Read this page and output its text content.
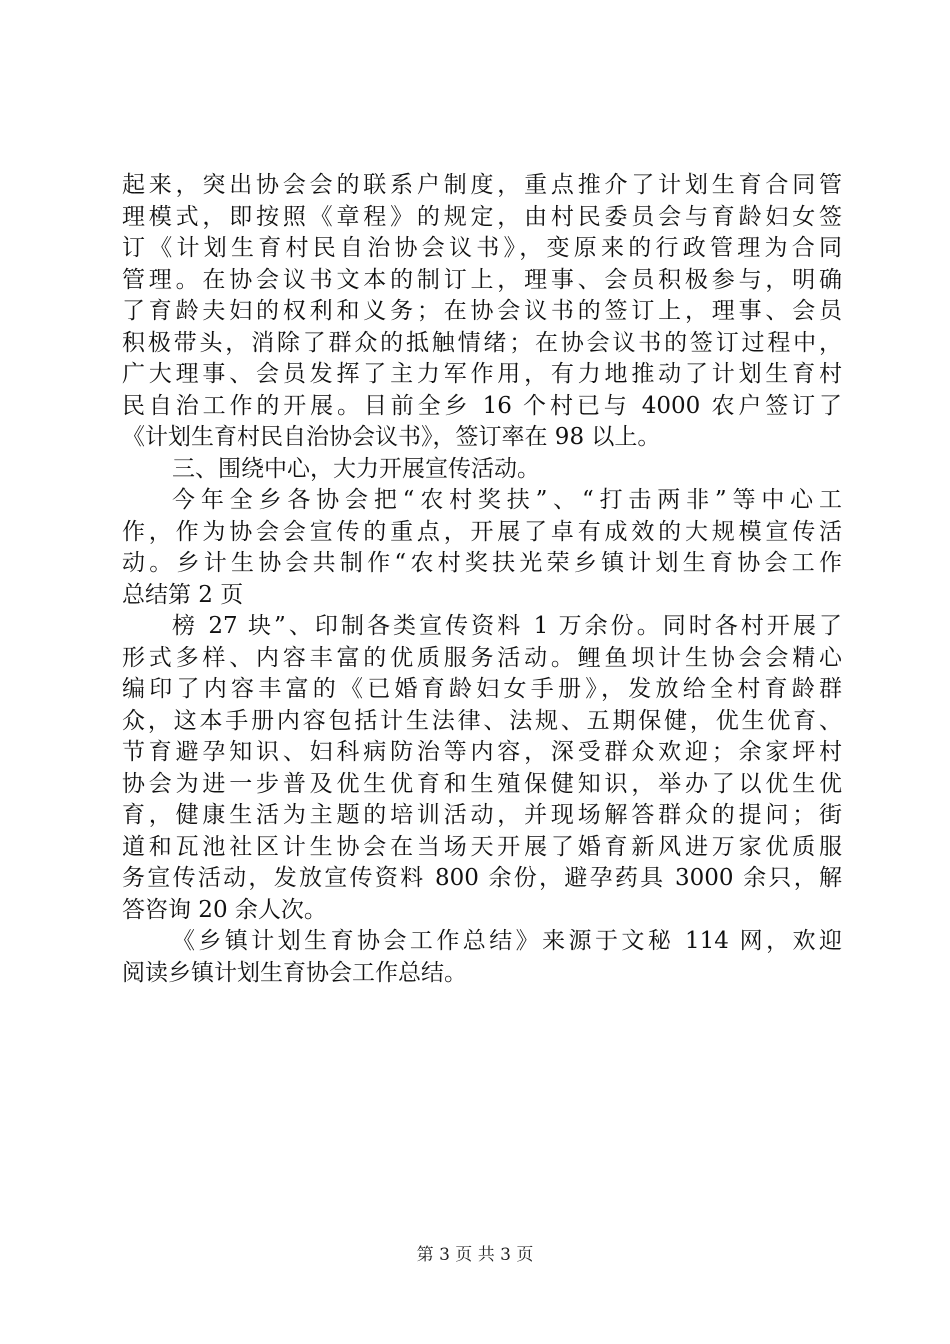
起来，突出协会会的联系户制度，重点推介了计划生育合同管
理模式，即按照《章程》的规定，由村民委员会与育龄妇女签
订《计划生育村民自治协会议书》，变原来的行政管理为合同
管理。在协会议书文本的制订上，理事、会员积极参与，明确
了育龄夫妇的权利和义务；在协会议书的签订上，理事、会员
积极带头，消除了群众的抵触情绪；在协会议书的签订过程中，
广大理事、会员发挥了主力军作用，有力地推动了计划生育村
民自治工作的开展。目前全乡 16 个村已与 4000 农户签订了
《计划生育村民自治协会议书》，签订率在 98 以上。
三、围绕中心，大力开展宣传活动。
今年全乡各协会把“农村奖扶”、“打击两非”等中心工
作，作为协会会宣传的重点，开展了卓有成效的大规模宣传活
动。乡计生协会共制作“农村奖扶光荣乡镇计划生育协会工作
总结第 2 页
榜 27 块”、印制各类宣传资料 1 万余份。同时各村开展了
形式多样、内容丰富的优质服务活动。鲤鱼坝计生协会会精心
编印了内容丰富的《已婚育龄妇女手册》，发放给全村育龄群
众，这本手册内容包括计生法律、法规、五期保健，优生优育、
节育避孕知识、妇科病防治等内容，深受群众欢迎；余家坪村
协会为进一步普及优生优育和生殖保健知识，举办了以优生优
育，健康生活为主题的培训活动，并现场解答群众的提问；街
道和瓦池社区计生协会在当场天开展了婚育新风进万家优质服
务宣传活动，发放宣传资料 800 余份，避孕药具 3000 余只，解
答咨询 20 余人次。
《乡镇计划生育协会工作总结》来源于文秘 114 网，欢迎
阅读乡镇计划生育协会工作总结。
第 3 页 共 3 页
